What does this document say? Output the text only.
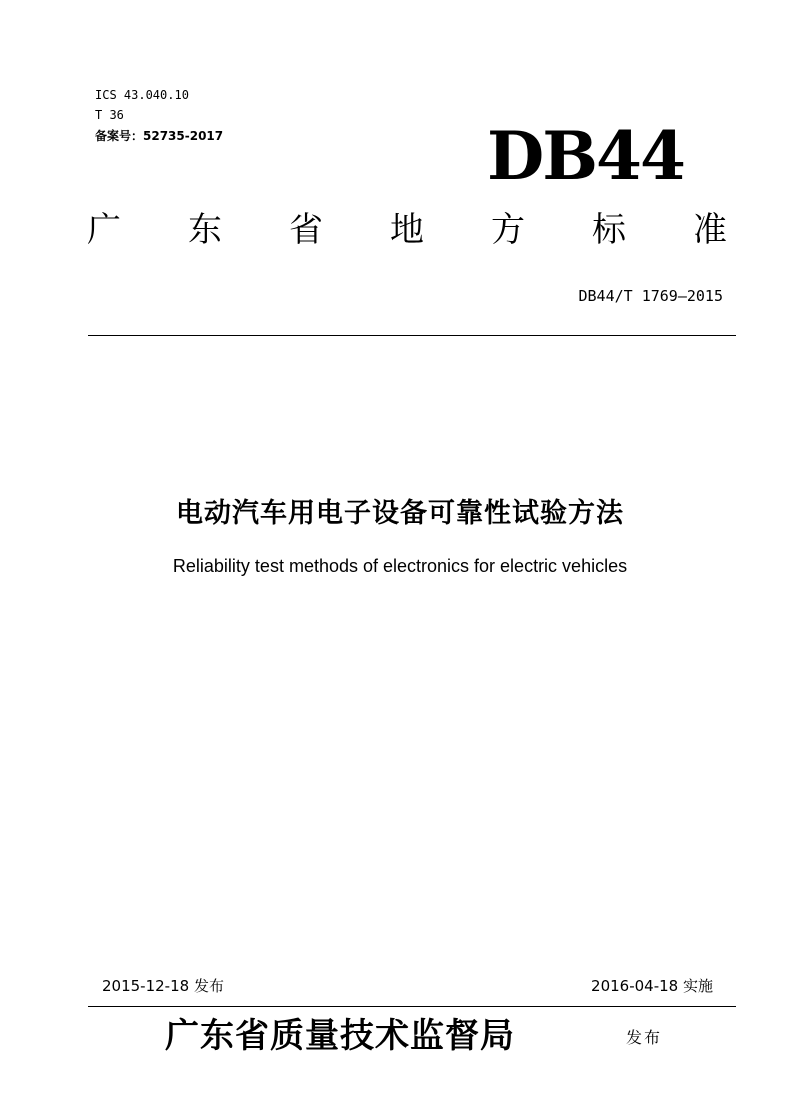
ICS 43.040.10
T 36
备案号：52735-2017	DB44
广 东 省 地 方 标 准
DB44/T 1769—2015
电动汽车用电子设备可靠性试验方法
Reliability test methods of electronics for electric vehicles
2015-12-18 发布	2016-04-18 实施
广东省质量技术监督局	发布
